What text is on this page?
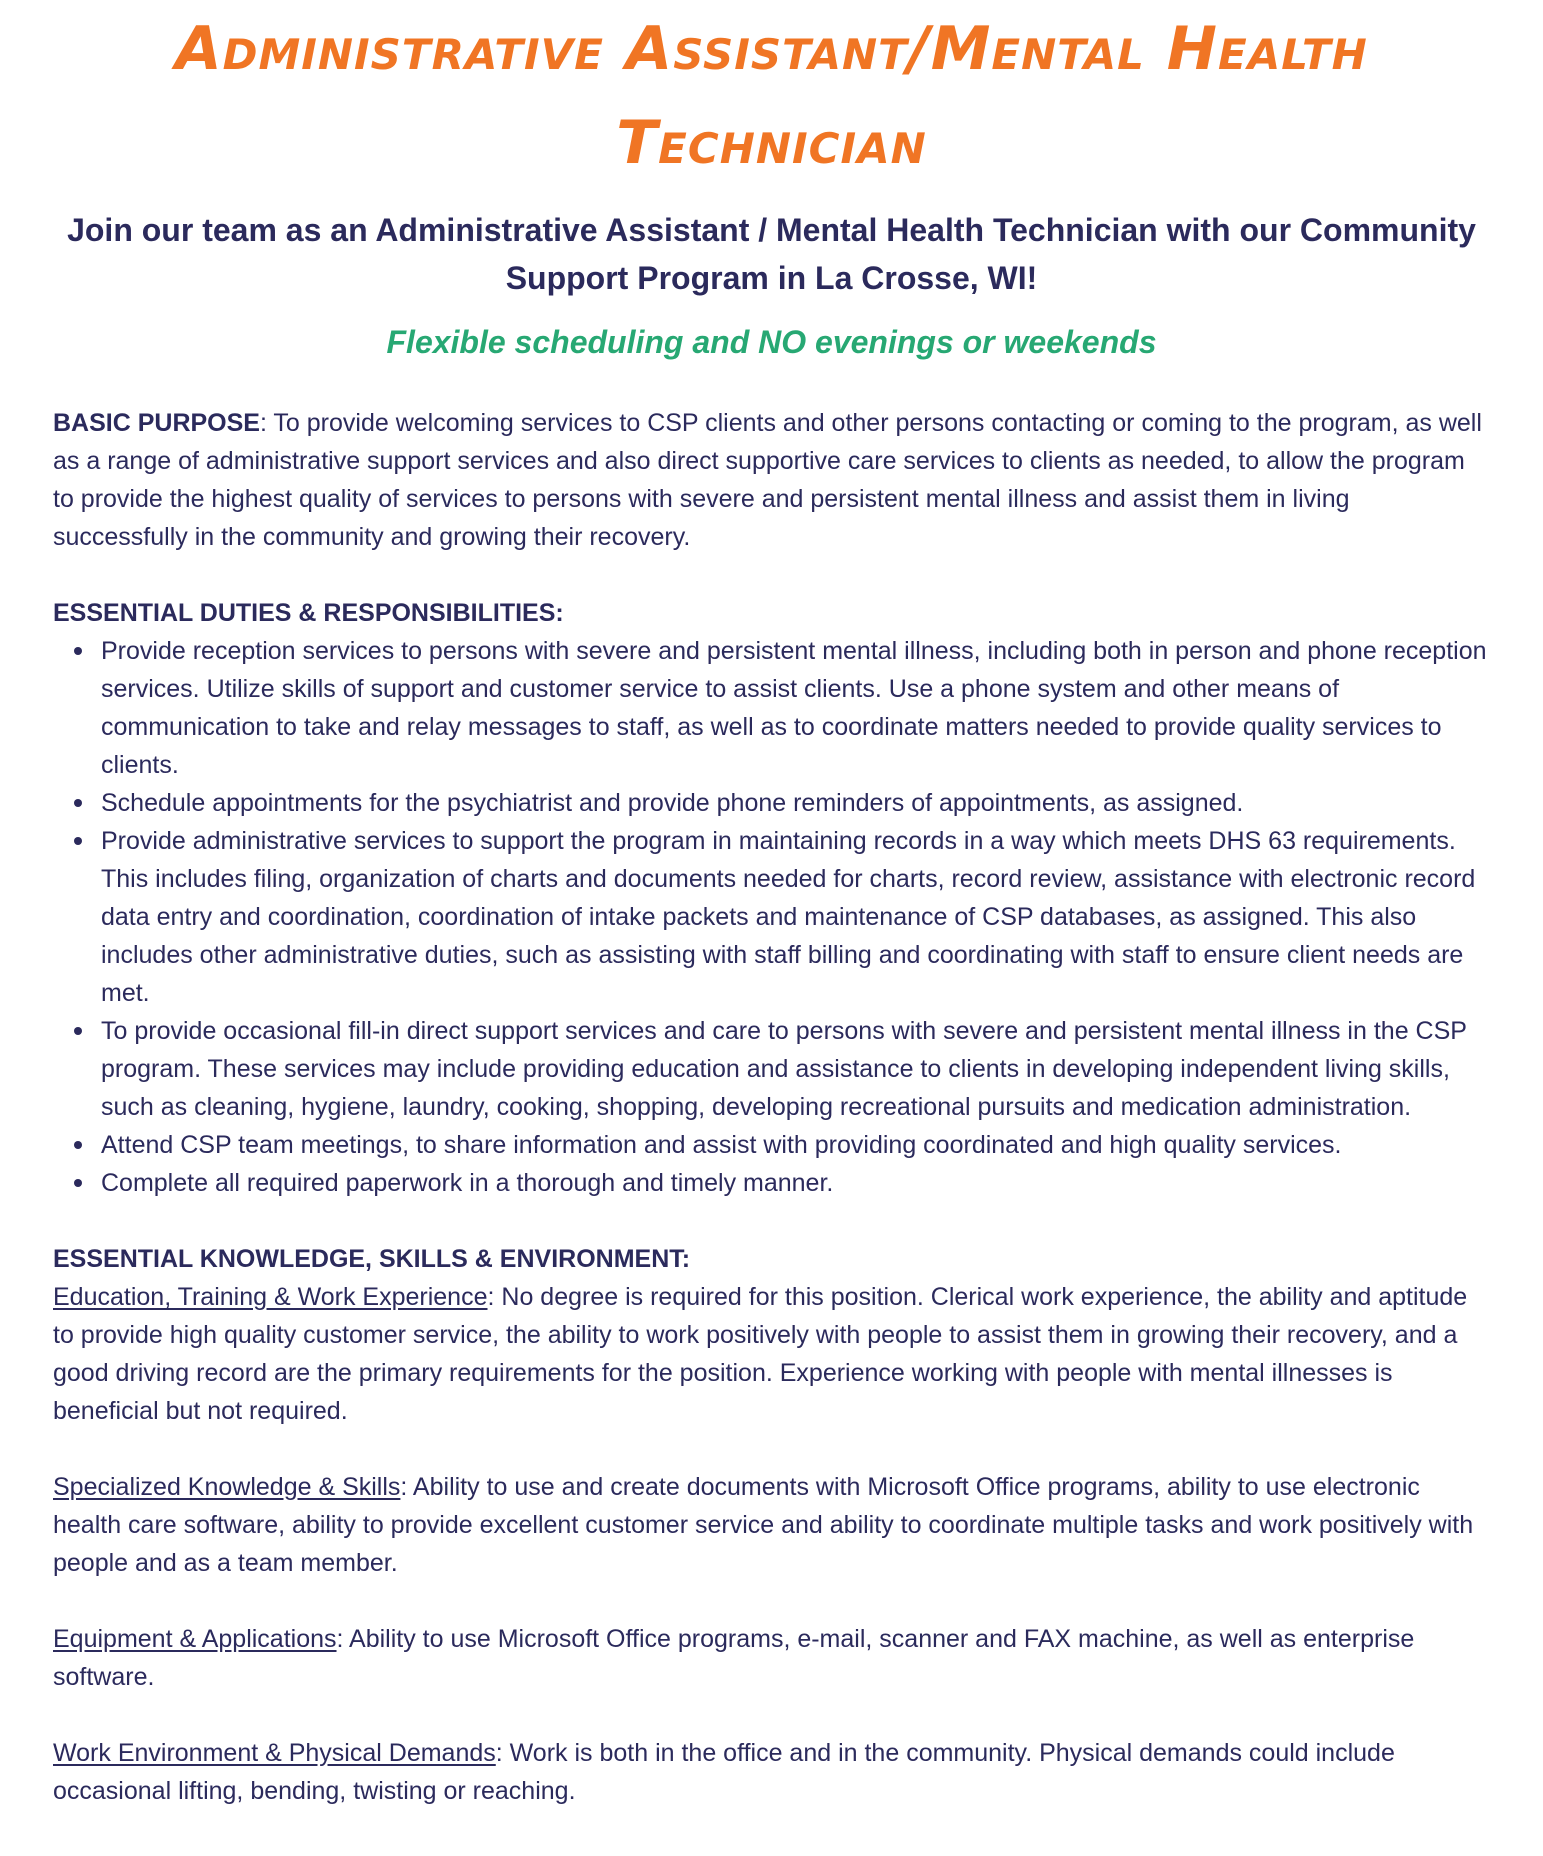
Administrative Assistant/Mental Health Technician

Join our team as an Administrative Assistant / Mental Health Technician with our Community Support Program in La Crosse, WI!

Flexible scheduling and NO evenings or weekends

BASIC PURPOSE: To provide welcoming services to CSP clients and other persons contacting or coming to the program, as well as a range of administrative support services and also direct supportive care services to clients as needed, to allow the program to provide the highest quality of services to persons with severe and persistent mental illness and assist them in living successfully in the community and growing their recovery.

ESSENTIAL DUTIES & RESPONSIBILITIES:

Provide reception services to persons with severe and persistent mental illness, including both in person and phone reception services. Utilize skills of support and customer service to assist clients. Use a phone system and other means of communication to take and relay messages to staff, as well as to coordinate matters needed to provide quality services to clients.
Schedule appointments for the psychiatrist and provide phone reminders of appointments, as assigned.
Provide administrative services to support the program in maintaining records in a way which meets DHS 63 requirements. This includes filing, organization of charts and documents needed for charts, record review, assistance with electronic record data entry and coordination, coordination of intake packets and maintenance of CSP databases, as assigned. This also includes other administrative duties, such as assisting with staff billing and coordinating with staff to ensure client needs are met.
To provide occasional fill-in direct support services and care to persons with severe and persistent mental illness in the CSP program. These services may include providing education and assistance to clients in developing independent living skills, such as cleaning, hygiene, laundry, cooking, shopping, developing recreational pursuits and medication administration.
Attend CSP team meetings, to share information and assist with providing coordinated and high quality services.
Complete all required paperwork in a thorough and timely manner.

ESSENTIAL KNOWLEDGE, SKILLS & ENVIRONMENT:

Education, Training & Work Experience: No degree is required for this position. Clerical work experience, the ability and aptitude to provide high quality customer service, the ability to work positively with people to assist them in growing their recovery, and a good driving record are the primary requirements for the position. Experience working with people with mental illnesses is beneficial but not required.

Specialized Knowledge & Skills: Ability to use and create documents with Microsoft Office programs, ability to use electronic health care software, ability to provide excellent customer service and ability to coordinate multiple tasks and work positively with people and as a team member.

Equipment & Applications: Ability to use Microsoft Office programs, e-mail, scanner and FAX machine, as well as enterprise software.

Work Environment & Physical Demands: Work is both in the office and in the community. Physical demands could include occasional lifting, bending, twisting or reaching.
